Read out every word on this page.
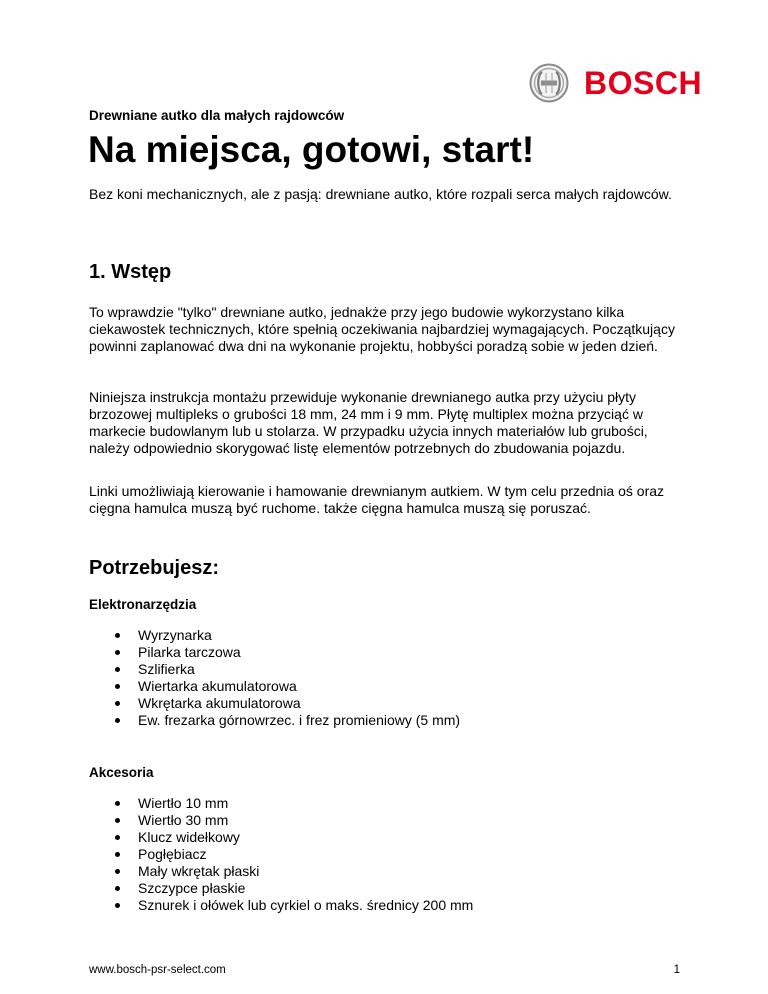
BOSCH
Drewniane autko dla małych rajdowców
Na miejsca, gotowi, start!

Bez koni mechanicznych, ale z pasją: drewniane autko, które rozpali serca małych rajdowców.

1. Wstęp

To wprawdzie "tylko" drewniane autko, jednakże przy jego budowie wykorzystano kilka ciekawostek technicznych, które spełnią oczekiwania najbardziej wymagających. Początkujący powinni zaplanować dwa dni na wykonanie projektu, hobbyści poradzą sobie w jeden dzień.

Niniejsza instrukcja montażu przewiduje wykonanie drewnianego autka przy użyciu płyty brzozowej multipleks o grubości 18 mm, 24 mm i 9 mm. Płytę multiplex można przyciąć w markecie budowlanym lub u stolarza. W przypadku użycia innych materiałów lub grubości, należy odpowiednio skorygować listę elementów potrzebnych do zbudowania pojazdu.

Linki umożliwiają kierowanie i hamowanie drewnianym autkiem. W tym celu przednia oś oraz cięgna hamulca muszą być ruchome. także cięgna hamulca muszą się poruszać.

Potrzebujesz:
Elektronarzędzia
Wyrzynarka
Pilarka tarczowa
Szlifierka
Wiertarka akumulatorowa
Wkrętarka akumulatorowa
Ew. frezarka górnowrzec. i frez promieniowy (5 mm)
Akcesoria
Wiertło 10 mm
Wiertło 30 mm
Klucz widełkowy
Pogłębiacz
Mały wkrętak płaski
Szczypce płaskie
Sznurek i ołówek lub cyrkiel o maks. średnicy 200 mm
www.bosch-psr-select.com	1
